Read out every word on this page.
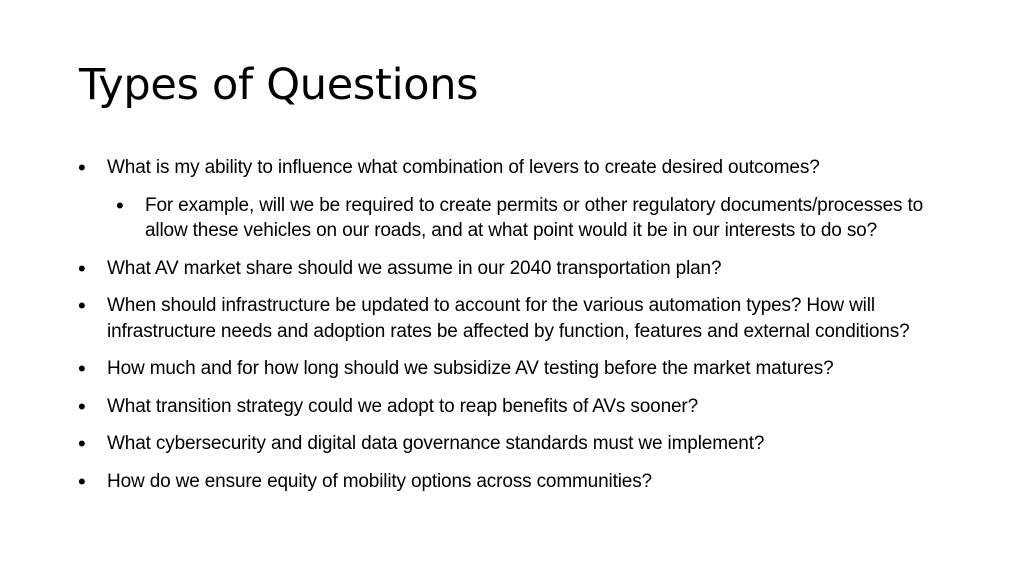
Types of Questions
• What is my ability to influence what combination of levers to create desired outcomes?
• For example, will we be required to create permits or other regulatory documents/processes to allow these vehicles on our roads, and at what point would it be in our interests to do so?
• What AV market share should we assume in our 2040 transportation plan?
• When should infrastructure be updated to account for the various automation types? How will infrastructure needs and adoption rates be affected by function, features and external conditions?
• How much and for how long should we subsidize AV testing before the market matures?
• What transition strategy could we adopt to reap benefits of AVs sooner?
• What cybersecurity and digital data governance standards must we implement?
• How do we ensure equity of mobility options across communities?
